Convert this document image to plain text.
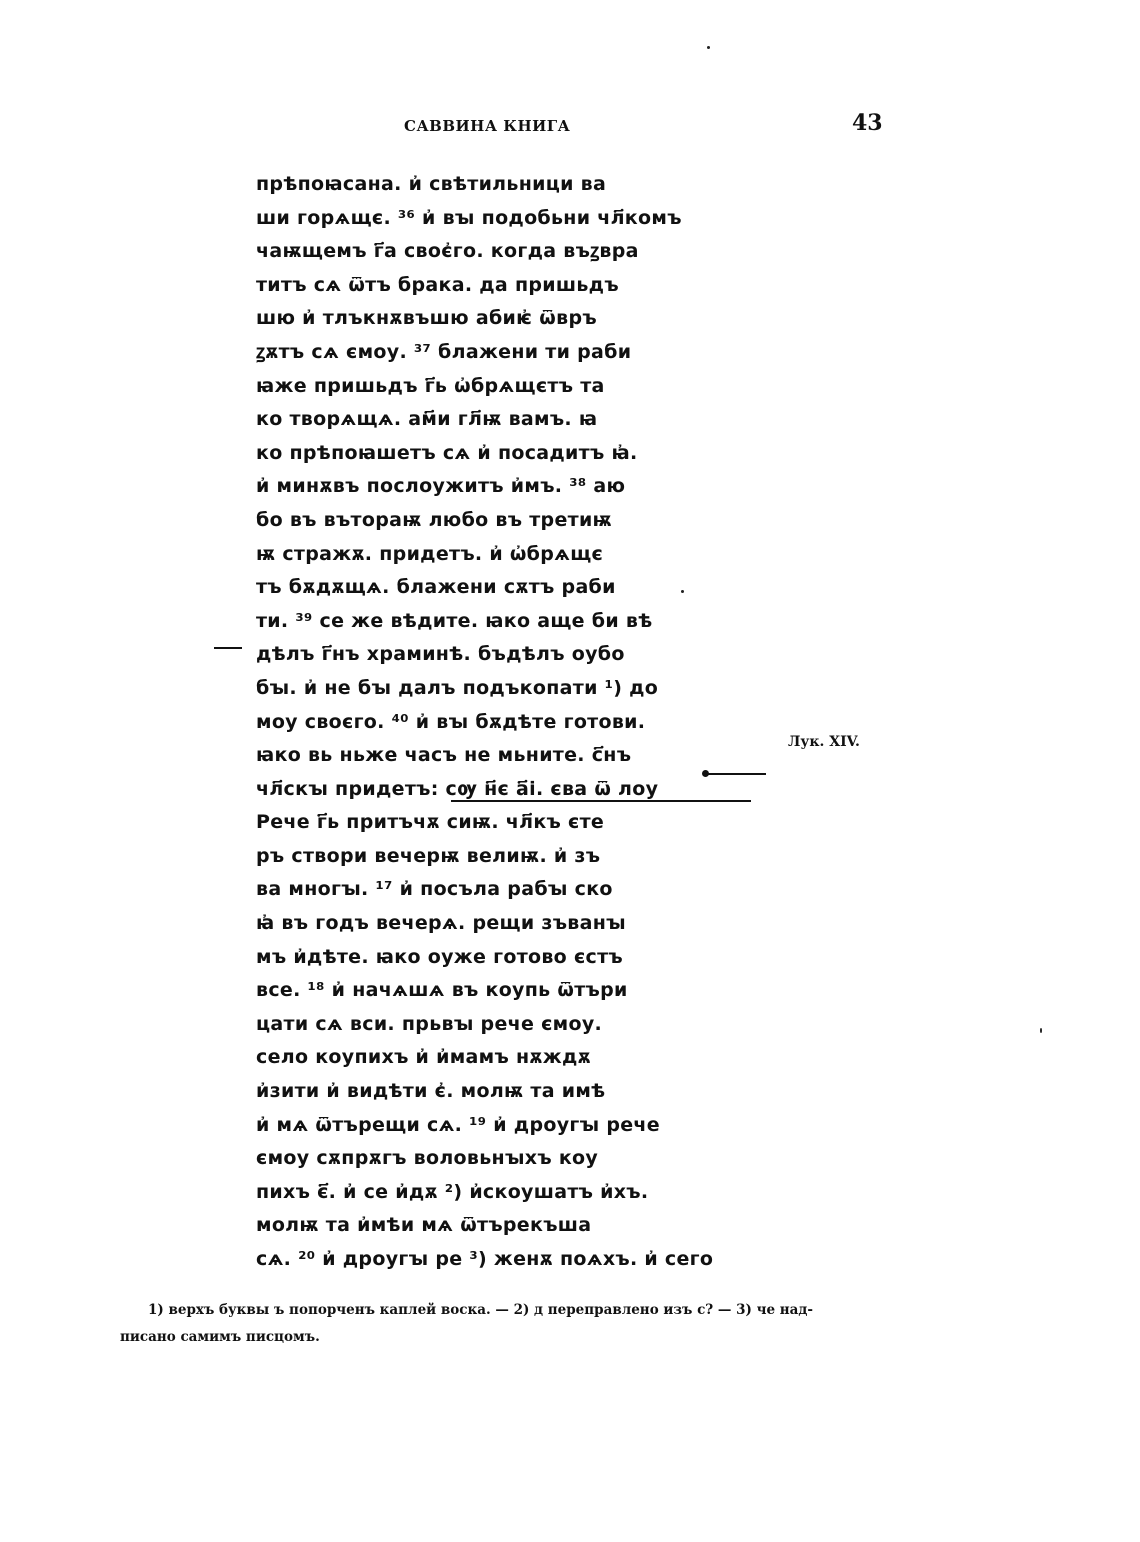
САВВИНА КНИГА	43
Лук. XIV.
прѣпоꙗсана. и҆ свѣтильници ва
ши горѧщє. ³⁶ и҆ вꙑ подобьни чл҃комъ
чаѭщемъ г҃а своє҆го. когда въꙁвра
титъ сѧ ѿтъ брака. да пришьдъ
шю и҆ тлъкнѫвъшю абиѥ҆ ѿвръ
ꙁѫтъ сѧ ємоу. ³⁷ блажени ти раби
ꙗже пришьдъ г҃ь ѡ҆брѧщєтъ та
ко творѧщѧ. ам҃и гл҃ѭ вамъ. ꙗ
ко прѣпоꙗшетъ сѧ и҆ посадитъ ꙗ҆.
и҆ минѫвъ послоужитъ и҆мъ. ³⁸ аю
бо въ вътораѭ любо въ третиѭ
ѭ стражѫ. придетъ. и҆ ѡ҆брѧщє
тъ бѫдѫщѧ. блажени сѫтъ раби
ти. ³⁹ се же вѣдите. ꙗко аще би вѣ
дѣлъ г҃нъ храминѣ. бъдѣлъ оубо
бꙑ. и҆ не бꙑ далъ подъкопати ¹) до
моу своєго. ⁴⁰ и҆ вꙑ бѫдѣте готови.
ꙗко вь ньже часъ не мьните. с҃нъ
чл҃скꙑ придетъ: сѹ н҃є а҃і. єва ѿ лоу
Рече г҃ь притъчѫ сиѭ. чл҃къ єте
ръ створи вечерѭ велиѭ. и҆ зъ
ва многꙑ. ¹⁷ и҆ посъла рабꙑ ско
ꙗ҆ въ годъ вечерѧ. рещи зъванꙑ
мъ и҆дѣте. ꙗко оуже готово єстъ
все. ¹⁸ и҆ начѧшѧ въ коупь ѿтъри
цати сѧ вси. прьвꙑ рече ємоу.
село коупихъ и҆ и҆мамъ нѫждѫ
и҆зити и҆ видѣти є҆. молѭ та имѣ
и҆ мѧ ѿтърещи сѧ. ¹⁹ и҆ дроугꙑ рече
ємоу сѫпрѫгъ воловьнꙑхъ коу
пихъ є҃. и҆ се и҆дѫ ²) и҆скоушатъ и҆хъ.
молѭ та и҆мѣи мѧ ѿтърекъша
сѧ. ²⁰ и҆ дроугꙑ ре ³) женѫ поѧхъ. и҆ сего
1) верхъ буквы ъ попорченъ каплей воска. — 2) д переправлено изъ с? — 3) че над-
писано самимъ писцомъ.
